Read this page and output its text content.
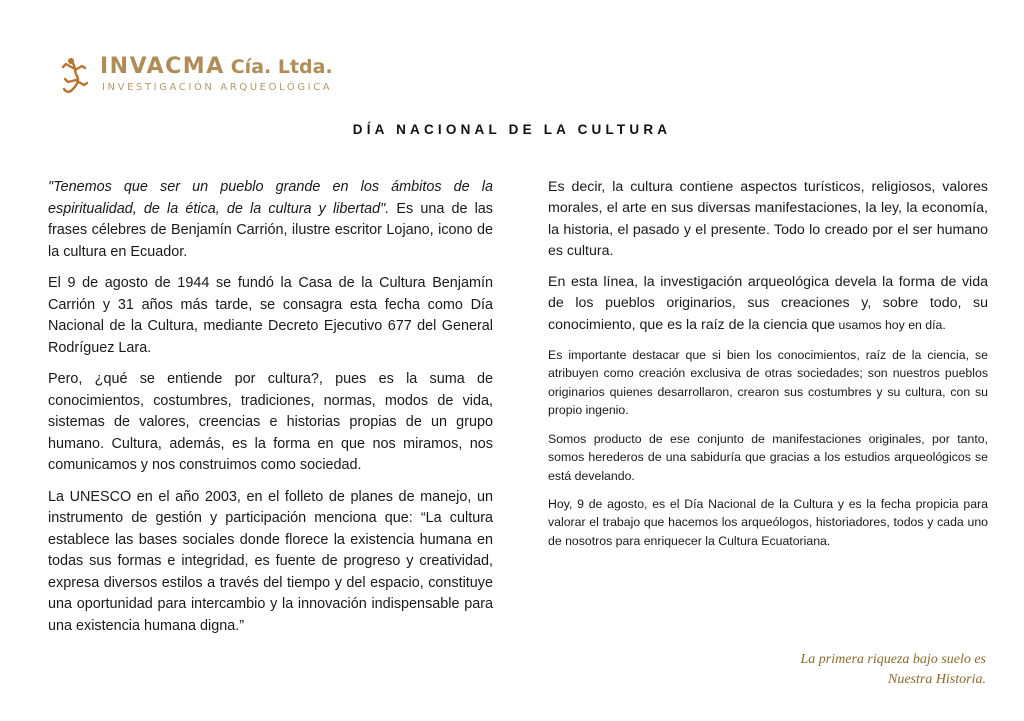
INVACMA Cía. Ltda.
INVESTIGACIÓN ARQUEOLÓGICA
DÍA NACIONAL DE LA CULTURA

"Tenemos que ser un pueblo grande en los ámbitos de la espiritualidad, de la ética, de la cultura y libertad". Es una de las frases célebres de Benjamín Carrión, ilustre escritor Lojano, icono de la cultura en Ecuador.

El 9 de agosto de 1944 se fundó la Casa de la Cultura Benjamín Carrión y 31 años más tarde, se consagra esta fecha como Día Nacional de la Cultura, mediante Decreto Ejecutivo 677 del General Rodríguez Lara.

Pero, ¿qué se entiende por cultura?, pues es la suma de conocimientos, costumbres, tradiciones, normas, modos de vida, sistemas de valores, creencias e historias propias de un grupo humano. Cultura, además, es la forma en que nos miramos, nos comunicamos y nos construimos como sociedad.

La UNESCO en el año 2003, en el folleto de planes de manejo, un instrumento de gestión y participación menciona que: “La cultura establece las bases sociales donde florece la existencia humana en todas sus formas e integridad, es fuente de progreso y creatividad, expresa diversos estilos a través del tiempo y del espacio, constituye una oportunidad para intercambio y la innovación indispensable para una existencia humana digna.”

Es decir, la cultura contiene aspectos turísticos, religiosos, valores morales, el arte en sus diversas manifestaciones, la ley, la economía, la historia, el pasado y el presente. Todo lo creado por el ser humano es cultura.

En esta línea, la investigación arqueológica devela la forma de vida de los pueblos originarios, sus creaciones y, sobre todo, su conocimiento, que es la raíz de la ciencia que usamos hoy en día.

Es importante destacar que si bien los conocimientos, raíz de la ciencia, se atribuyen como creación exclusiva de otras sociedades; son nuestros pueblos originarios quienes desarrollaron, crearon sus costumbres y su cultura, con su propio ingenio.

Somos producto de ese conjunto de manifestaciones originales, por tanto, somos herederos de una sabiduría que gracias a los estudios arqueológicos se está develando.

Hoy, 9 de agosto, es el Día Nacional de la Cultura y es la fecha propicia para valorar el trabajo que hacemos los arqueólogos, historiadores, todos y cada uno de nosotros para enriquecer la Cultura Ecuatoriana.

La primera riqueza bajo suelo es
Nuestra Historia.
